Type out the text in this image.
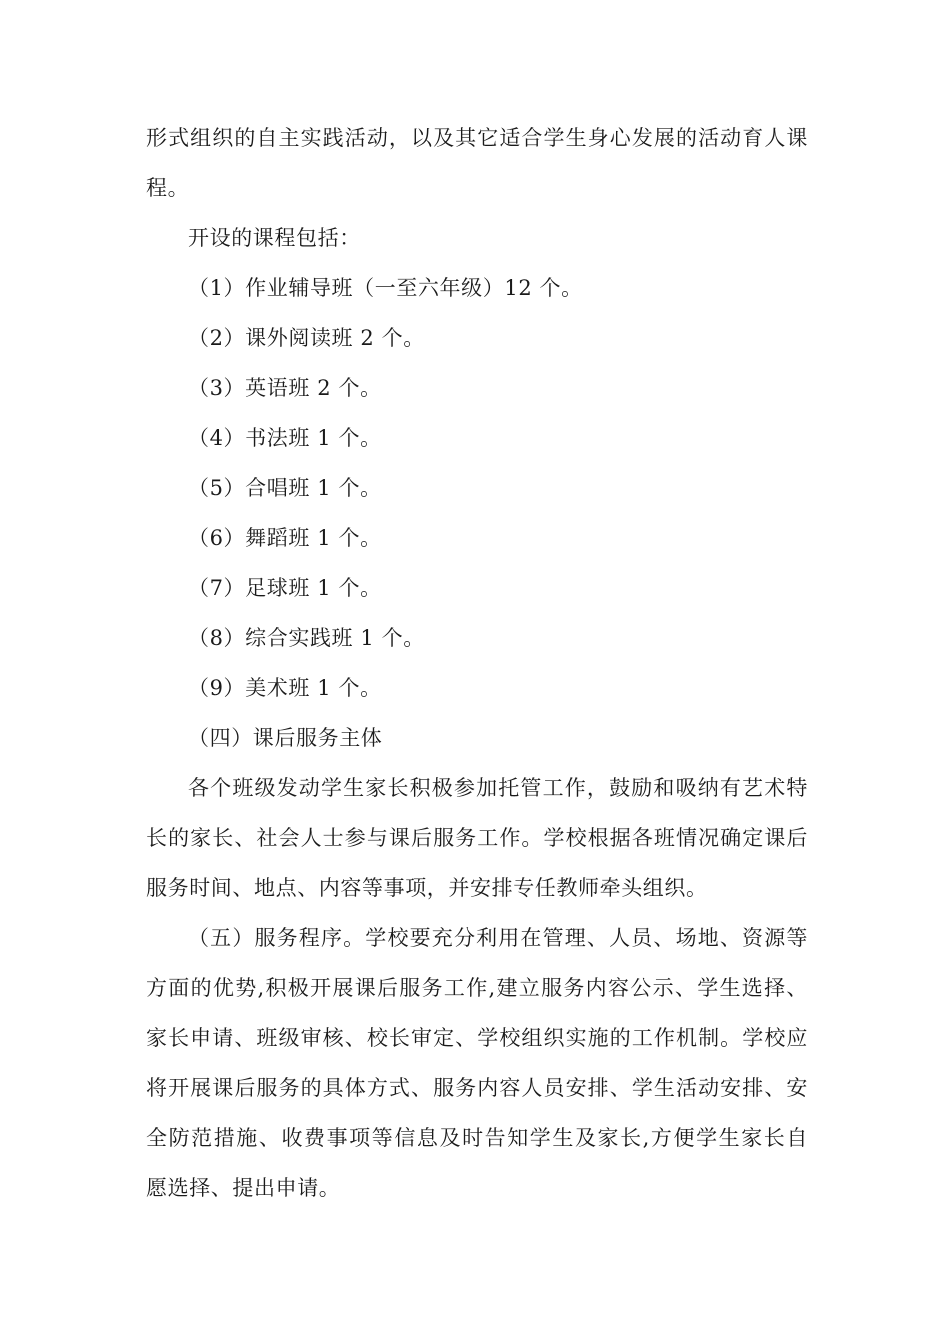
形式组织的自主实践活动，以及其它适合学生身心发展的活动育人课
程。
开设的课程包括：
（1）作业辅导班（一至六年级）12 个。
（2）课外阅读班 2 个。
（3）英语班 2 个。
（4）书法班 1 个。
（5）合唱班 1 个。
（6）舞蹈班 1 个。
（7）足球班 1 个。
（8）综合实践班 1 个。
（9）美术班 1 个。
（四）课后服务主体
各个班级发动学生家长积极参加托管工作，鼓励和吸纳有艺术特
长的家长、社会人士参与课后服务工作。学校根据各班情况确定课后
服务时间、地点、内容等事项，并安排专任教师牵头组织。
（五）服务程序。学校要充分利用在管理、人员、场地、资源等
方面的优势,积极开展课后服务工作,建立服务内容公示、学生选择、
家长申请、班级审核、校长审定、学校组织实施的工作机制。学校应
将开展课后服务的具体方式、服务内容人员安排、学生活动安排、安
全防范措施、收费事项等信息及时告知学生及家长,方便学生家长自
愿选择、提出申请。
